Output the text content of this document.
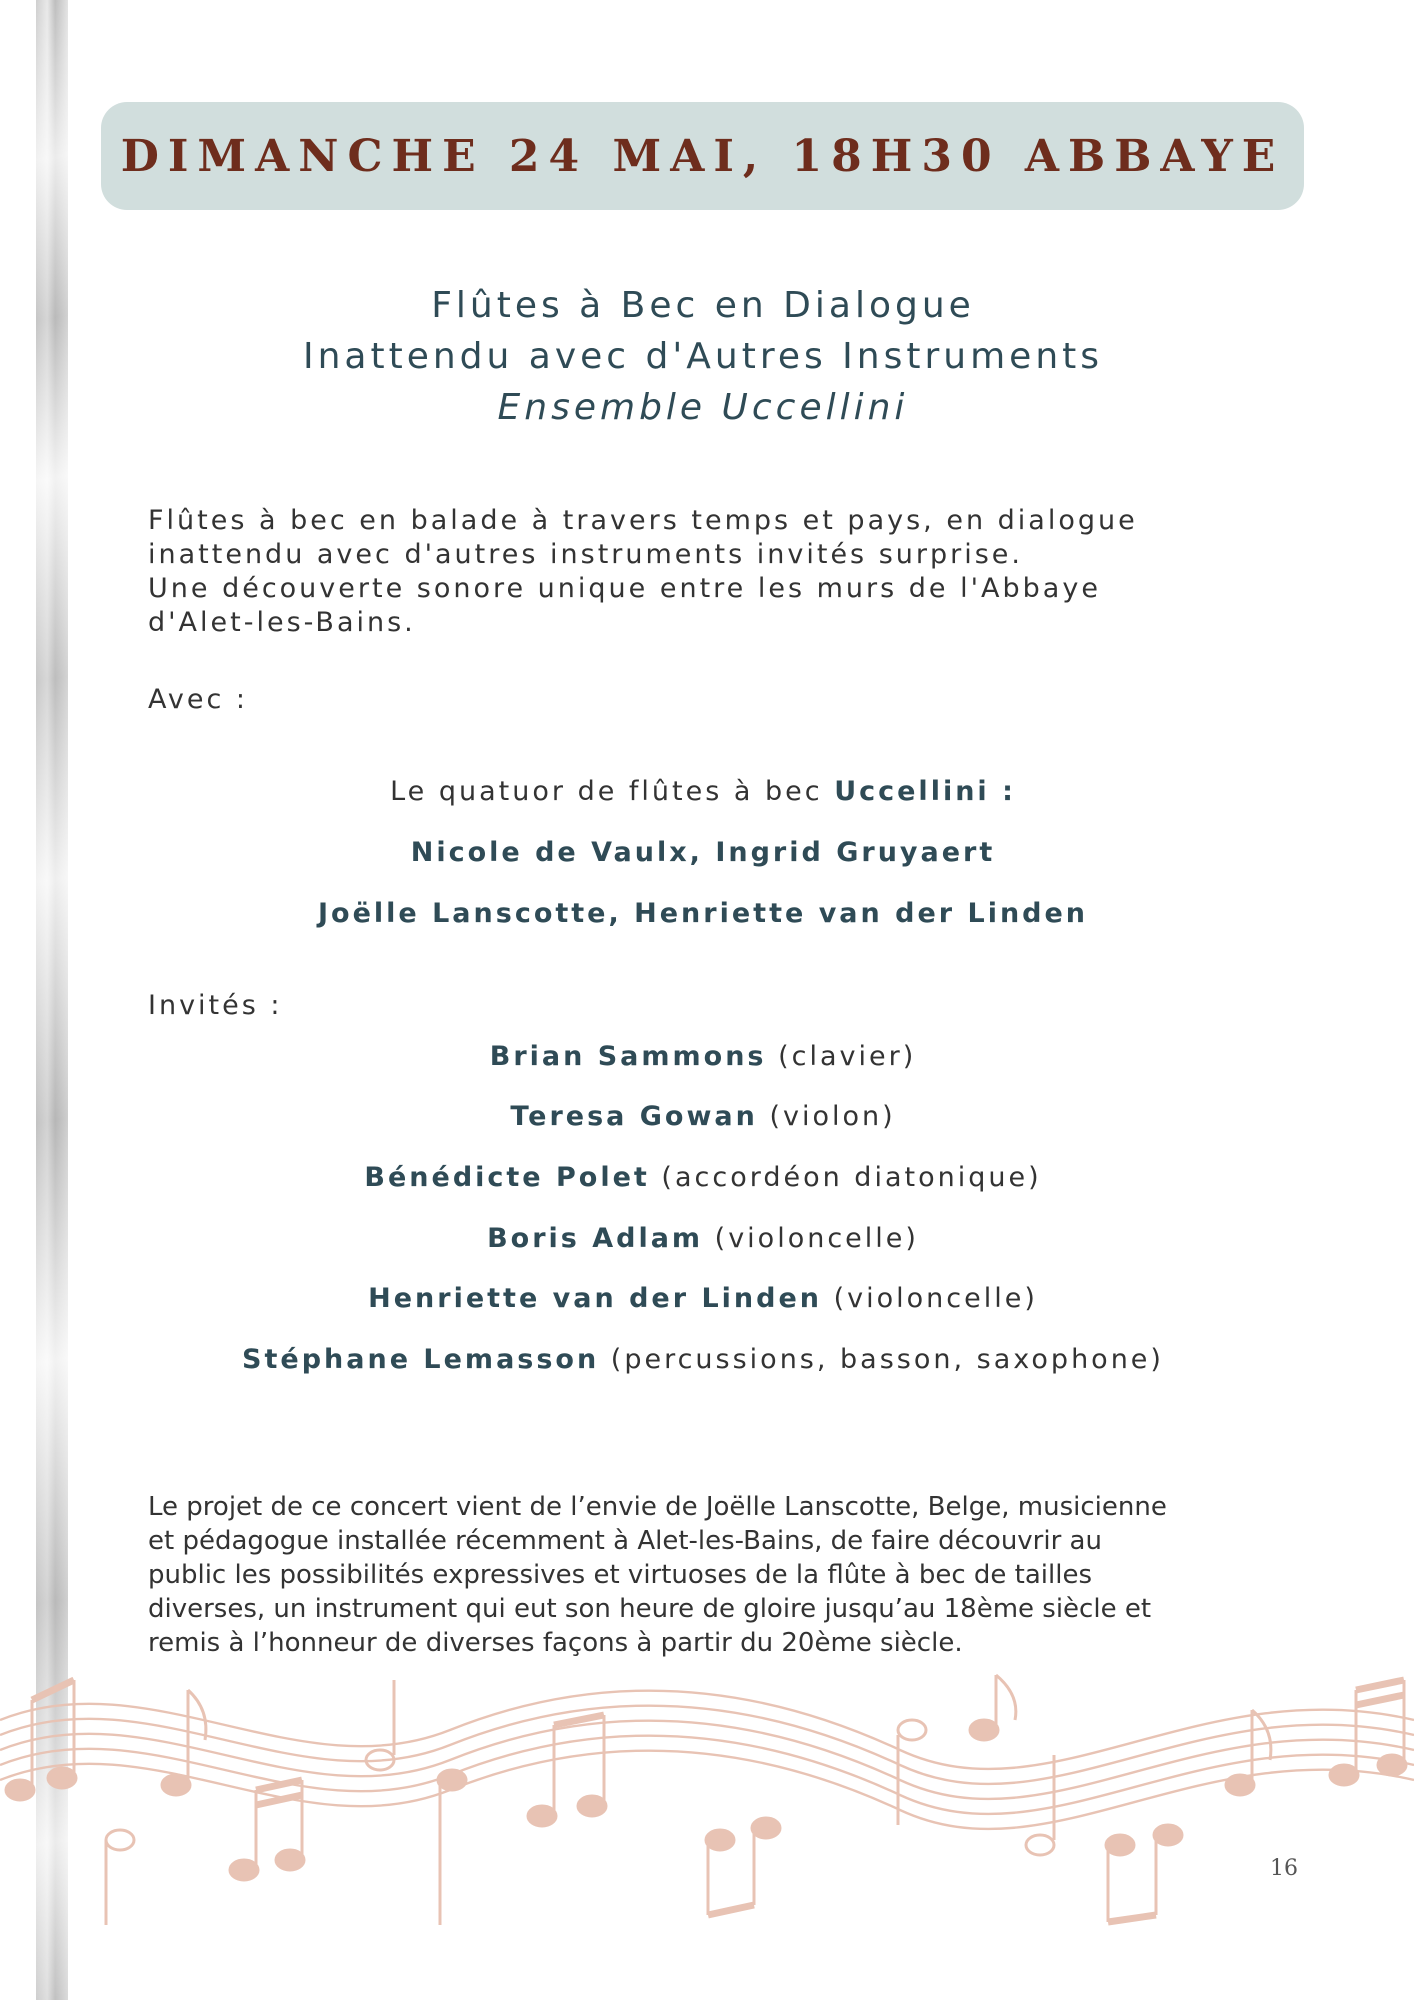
DIMANCHE 24 MAI, 18H30 ABBAYE
Flûtes à Bec en Dialogue
Inattendu avec d'Autres Instruments
Ensemble Uccellini

Flûtes à bec en balade à travers temps et pays, en dialogue

inattendu avec d'autres instruments invités surprise.

Une découverte sonore unique entre les murs de l'Abbaye

d'Alet-les-Bains.

Avec :
Le quatuor de flûtes à bec Uccellini :
Nicole de Vaulx, Ingrid Gruyaert
Joëlle Lanscotte, Henriette van der Linden
Invités :
Brian Sammons (clavier)
Teresa Gowan (violon)
Bénédicte Polet (accordéon diatonique)
Boris Adlam (violoncelle)
Henriette van der Linden (violoncelle)
Stéphane Lemasson (percussions, basson, saxophone)

Le projet de ce concert vient de l’envie de Joëlle Lanscotte, Belge, musicienne

et pédagogue installée récemment à Alet-les-Bains, de faire découvrir au

public les possibilités expressives et virtuoses de la flûte à bec de tailles

diverses, un instrument qui eut son heure de gloire jusqu’au 18ème siècle et

remis à l’honneur de diverses façons à partir du 20ème siècle.

16
